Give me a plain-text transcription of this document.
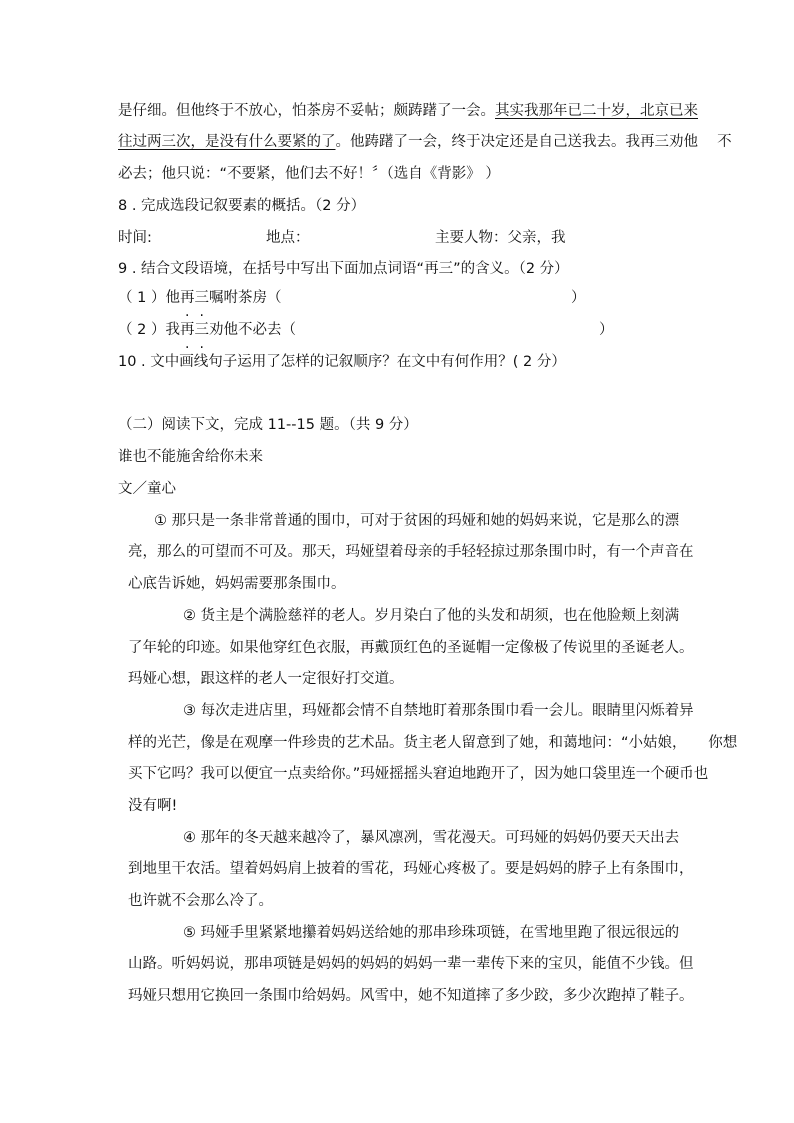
是仔细。但他终于不放心，怕茶房不妥帖；颇踌躇了一会。其实我那年已二十岁，北京已来
往过两三次，是没有什么要紧的了。他踌躇了一会，终于决定还是自己送我去。我再三劝他　 不
必去；他只说：“不要紧，他们去不好！〞（选自《背影》 ）
8 . 完成选段记叙要素的概括。（2 分）
时间:	地点：	主要人物：父亲，我
9 . 结合文段语境，在括号中写出下面加点词语“再三”的含义。（2 分）
（ 1 ）他再三嘱咐茶房（	）
（ 2 ）我再三劝他不必去（	）
10 . 文中画线句子运用了怎样的记叙顺序？在文中有何作用？( 2 分）
（二）阅读下文，完成 11--15 题。（共 9 分）
谁也不能施舍给你未来
文／童心
① 那只是一条非常普通的围巾，可对于贫困的玛娅和她的妈妈来说，它是那么的漂
亮，那么的可望而不可及。那天，玛娅望着母亲的手轻轻掠过那条围巾时，有一个声音在
心底告诉她，妈妈需要那条围巾。
② 货主是个满脸慈祥的老人。岁月染白了他的头发和胡须，也在他脸颊上刻满
了年轮的印迹。如果他穿红色衣服，再戴顶红色的圣诞帽一定像极了传说里的圣诞老人。
玛娅心想，跟这样的老人一定很好打交道。
③ 每次走进店里，玛娅都会情不自禁地盯着那条围巾看一会儿。眼睛里闪烁着异
样的光芒，像是在观摩一件珍贵的艺术品。货主老人留意到了她，和蔼地问：“小姑娘，　　你想
买下它吗？我可以便宜一点卖给你。”玛娅摇摇头窘迫地跑开了，因为她口袋里连一个硬币也
没有啊!
④ 那年的冬天越来越冷了，暴风凛冽，雪花漫天。可玛娅的妈妈仍要天天出去
到地里干农活。望着妈妈肩上披着的雪花，玛娅心疼极了。要是妈妈的脖子上有条围巾，
也许就不会那么冷了。
⑤ 玛娅手里紧紧地攥着妈妈送给她的那串珍珠项链，在雪地里跑了很远很远的
山路。听妈妈说，那串项链是妈妈的妈妈的妈妈一辈一辈传下来的宝贝，能值不少钱。但
玛娅只想用它换回一条围巾给妈妈。风雪中，她不知道摔了多少跤，多少次跑掉了鞋子。
